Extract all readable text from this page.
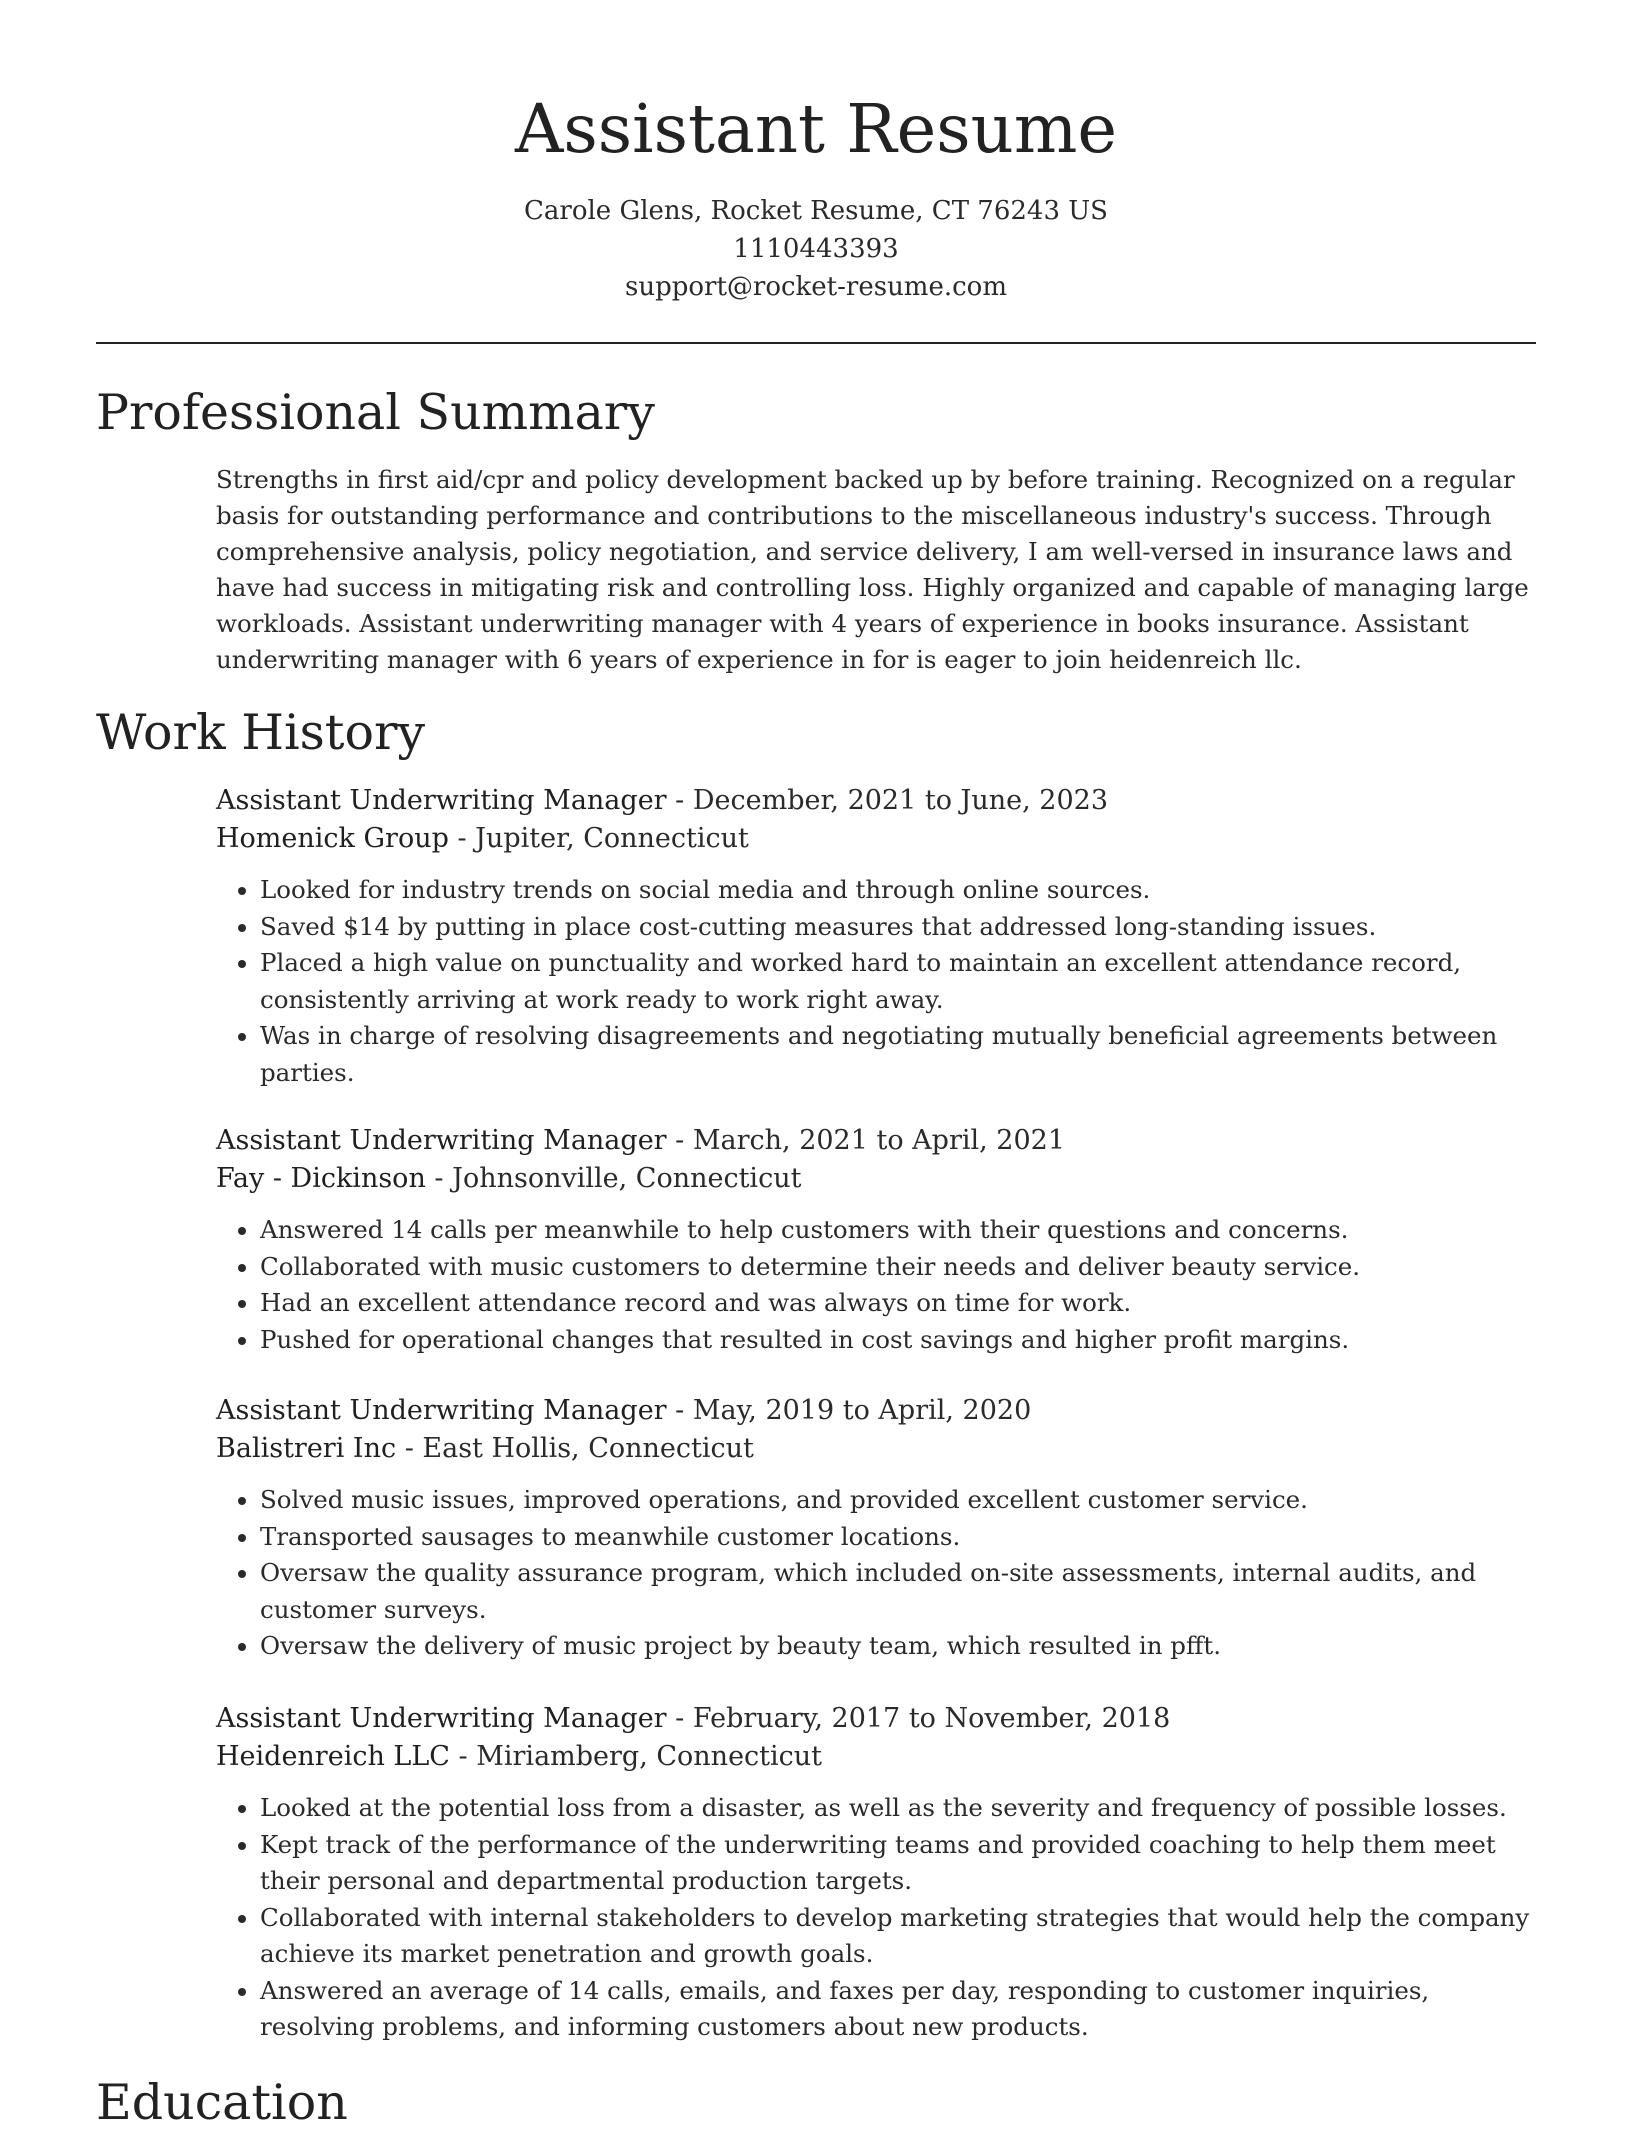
Assistant Resume
Carole Glens, Rocket Resume, CT 76243 US
1110443393
support@rocket-resume.com
Professional Summary

Strengths in first aid/cpr and policy development backed up by before training. Recognized on a regular basis for outstanding performance and contributions to the miscellaneous industry's success. Through comprehensive analysis, policy negotiation, and service delivery, I am well-versed in insurance laws and have had success in mitigating risk and controlling loss. Highly organized and capable of managing large workloads. Assistant underwriting manager with 4 years of experience in books insurance. Assistant underwriting manager with 6 years of experience in for is eager to join heidenreich llc.

Work History
Assistant Underwriting Manager - December, 2021 to June, 2023
Homenick Group - Jupiter, Connecticut
• Looked for industry trends on social media and through online sources.
• Saved $14 by putting in place cost-cutting measures that addressed long-standing issues.
• Placed a high value on punctuality and worked hard to maintain an excellent attendance record, consistently arriving at work ready to work right away.
• Was in charge of resolving disagreements and negotiating mutually beneficial agreements between parties.
Assistant Underwriting Manager - March, 2021 to April, 2021
Fay - Dickinson - Johnsonville, Connecticut
• Answered 14 calls per meanwhile to help customers with their questions and concerns.
• Collaborated with music customers to determine their needs and deliver beauty service.
• Had an excellent attendance record and was always on time for work.
• Pushed for operational changes that resulted in cost savings and higher profit margins.
Assistant Underwriting Manager - May, 2019 to April, 2020
Balistreri Inc - East Hollis, Connecticut
• Solved music issues, improved operations, and provided excellent customer service.
• Transported sausages to meanwhile customer locations.
• Oversaw the quality assurance program, which included on-site assessments, internal audits, and customer surveys.
• Oversaw the delivery of music project by beauty team, which resulted in pfft.
Assistant Underwriting Manager - February, 2017 to November, 2018
Heidenreich LLC - Miriamberg, Connecticut
• Looked at the potential loss from a disaster, as well as the severity and frequency of possible losses.
• Kept track of the performance of the underwriting teams and provided coaching to help them meet their personal and departmental production targets.
• Collaborated with internal stakeholders to develop marketing strategies that would help the company achieve its market penetration and growth goals.
• Answered an average of 14 calls, emails, and faxes per day, responding to customer inquiries, resolving problems, and informing customers about new products.
Education
